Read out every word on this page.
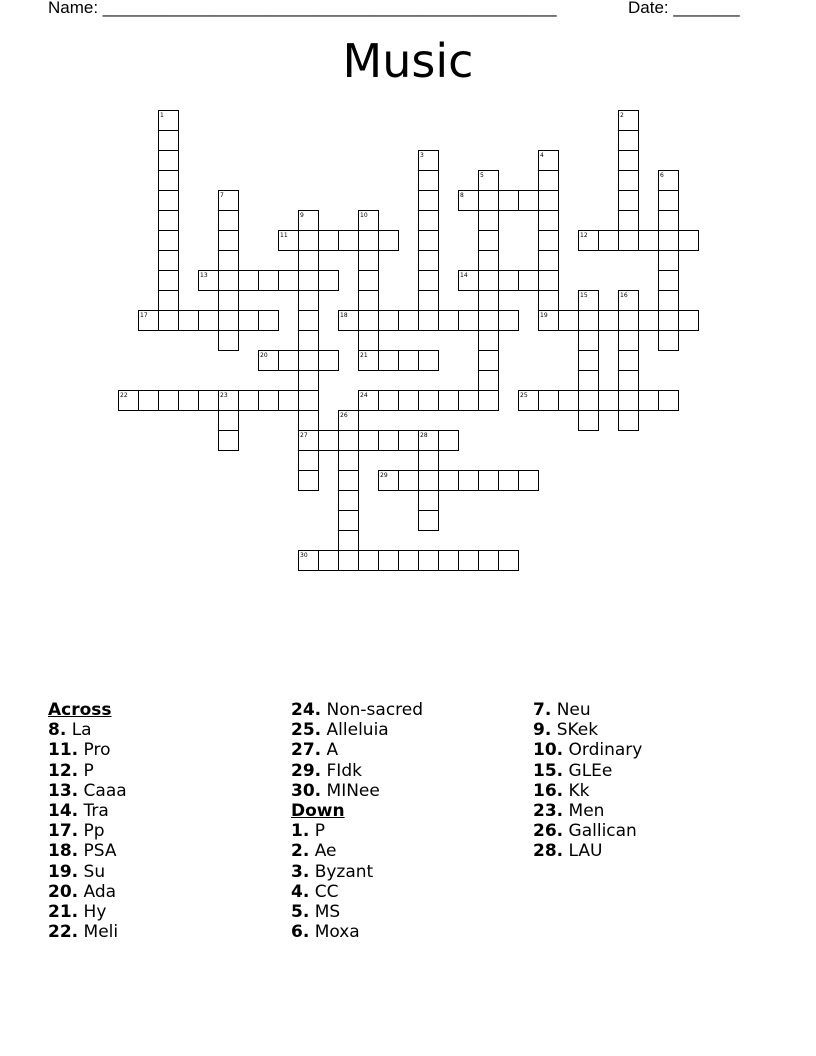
Name: ________________________________________________	Date: _______
Music
1	2
3	4
5	6
7	8
9	10
11	12
13	14
15	16
17	18	19
20	21
22	23	24	25
26
27	28
29
30
Across
8. La
11. Pro
12. P
13. Caaa
14. Tra
17. Pp
18. PSA
19. Su
20. Ada
21. Hy
22. Meli
24. Non-sacred
25. Alleluia
27. A
29. FIdk
30. MINee
Down
1. P
2. Ae
3. Byzant
4. CC
5. MS
6. Moxa
7. Neu
9. SKek
10. Ordinary
15. GLEe
16. Kk
23. Men
26. Gallican
28. LAU
